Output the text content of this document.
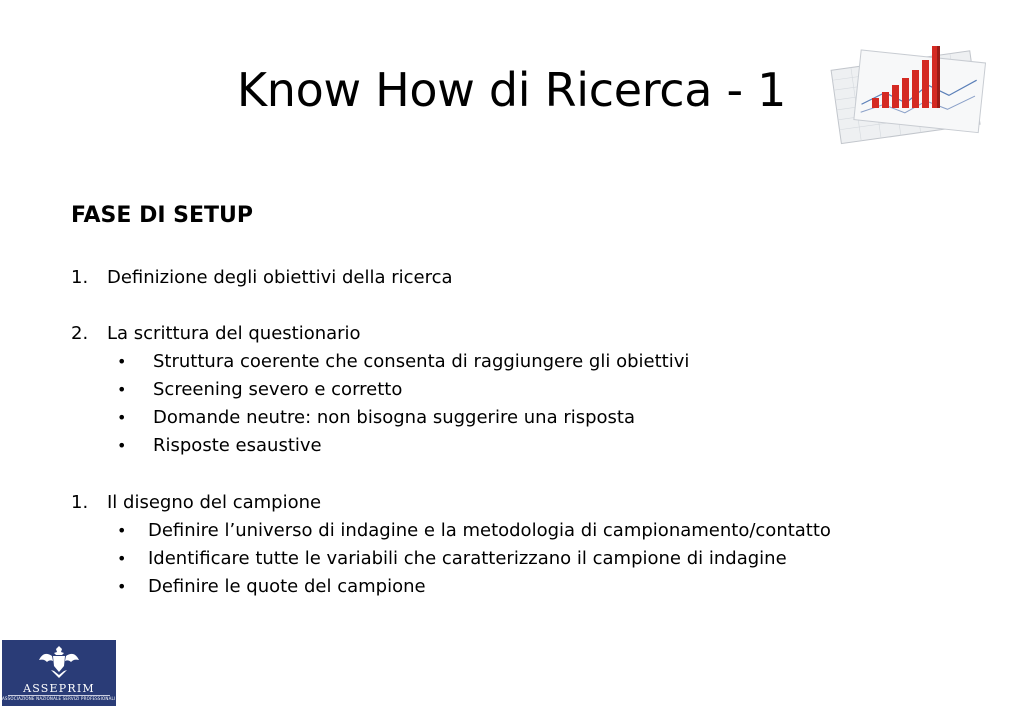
Know How di Ricerca - 1
FASE DI SETUP
1. Definizione degli obiettivi della ricerca
2. La scrittura del questionario
• Struttura coerente che consenta di raggiungere gli obiettivi
• Screening severo e corretto
• Domande neutre: non bisogna suggerire una risposta
• Risposte esaustive
1. Il disegno del campione
• Definire l’universo di indagine e la metodologia di campionamento/contatto
• Identificare tutte le variabili che caratterizzano il campione di indagine
• Definire le quote del campione
ASSEPRIM
ASSOCIAZIONE NAZIONALE SERVIZI PROFESSIONALI PER LE IMPRESE
